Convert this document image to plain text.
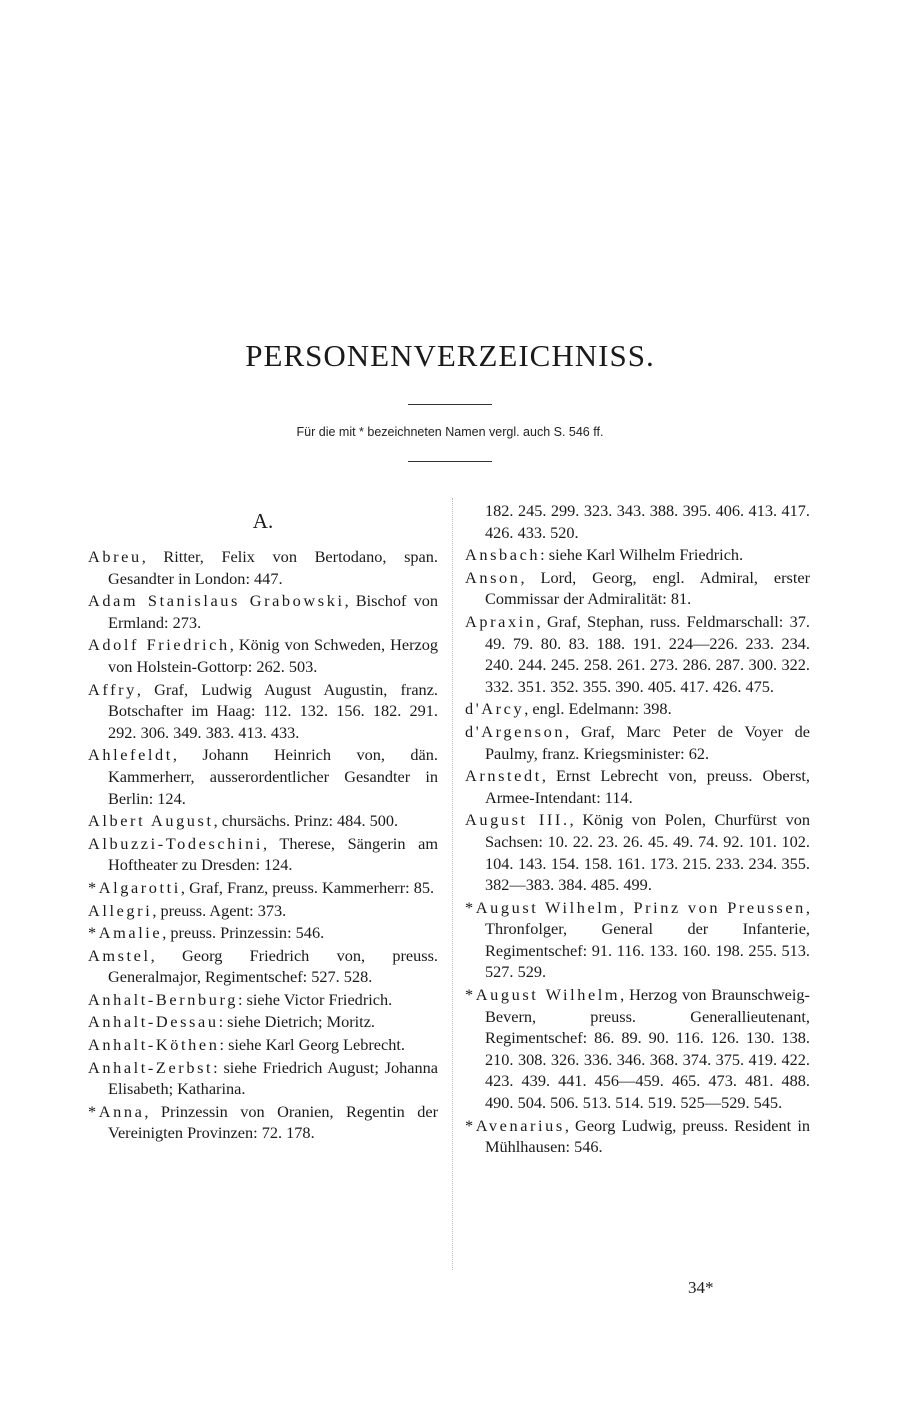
PERSONENVERZEICHNISS.
Für die mit * bezeichneten Namen vergl. auch S. 546 ff.
A.

Abreu, Ritter, Felix von Bertodano, span. Gesandter in London: 447.

Adam Stanislaus Grabowski, Bischof von Ermland: 273.

Adolf Friedrich, König von Schweden, Herzog von Holstein-Gottorp: 262. 503.

Affry, Graf, Ludwig August Augustin, franz. Botschafter im Haag: 112. 132. 156. 182. 291. 292. 306. 349. 383. 413. 433.

Ahlefeldt, Johann Heinrich von, dän. Kammerherr, ausserordentlicher Gesandter in Berlin: 124.

Albert August, chursächs. Prinz: 484. 500.

Albuzzi-Todeschini, Therese, Sängerin am Hoftheater zu Dresden: 124.

*Algarotti, Graf, Franz, preuss. Kammerherr: 85.

Allegri, preuss. Agent: 373.

*Amalie, preuss. Prinzessin: 546.

Amstel, Georg Friedrich von, preuss. Generalmajor, Regimentschef: 527. 528.

Anhalt-Bernburg: siehe Victor Friedrich.

Anhalt-Dessau: siehe Dietrich; Moritz.

Anhalt-Köthen: siehe Karl Georg Lebrecht.

Anhalt-Zerbst: siehe Friedrich August; Johanna Elisabeth; Katharina.

*Anna, Prinzessin von Oranien, Regentin der Vereinigten Provinzen: 72. 178.

182. 245. 299. 323. 343. 388. 395. 406. 413. 417. 426. 433. 520.

Ansbach: siehe Karl Wilhelm Friedrich.

Anson, Lord, Georg, engl. Admiral, erster Commissar der Admiralität: 81.

Apraxin, Graf, Stephan, russ. Feldmarschall: 37. 49. 79. 80. 83. 188. 191. 224—226. 233. 234. 240. 244. 245. 258. 261. 273. 286. 287. 300. 322. 332. 351. 352. 355. 390. 405. 417. 426. 475.

d'Arcy, engl. Edelmann: 398.

d'Argenson, Graf, Marc Peter de Voyer de Paulmy, franz. Kriegsminister: 62.

Arnstedt, Ernst Lebrecht von, preuss. Oberst, Armee-Intendant: 114.

August III., König von Polen, Churfürst von Sachsen: 10. 22. 23. 26. 45. 49. 74. 92. 101. 102. 104. 143. 154. 158. 161. 173. 215. 233. 234. 355. 382—383. 384. 485. 499.

*August Wilhelm, Prinz von Preussen, Thronfolger, General der Infanterie, Regimentschef: 91. 116. 133. 160. 198. 255. 513. 527. 529.

*August Wilhelm, Herzog von Braunschweig-Bevern, preuss. Generallieutenant, Regimentschef: 86. 89. 90. 116. 126. 130. 138. 210. 308. 326. 336. 346. 368. 374. 375. 419. 422. 423. 439. 441. 456—459. 465. 473. 481. 488. 490. 504. 506. 513. 514. 519. 525—529. 545.

*Avenarius, Georg Ludwig, preuss. Resident in Mühlhausen: 546.

34*
